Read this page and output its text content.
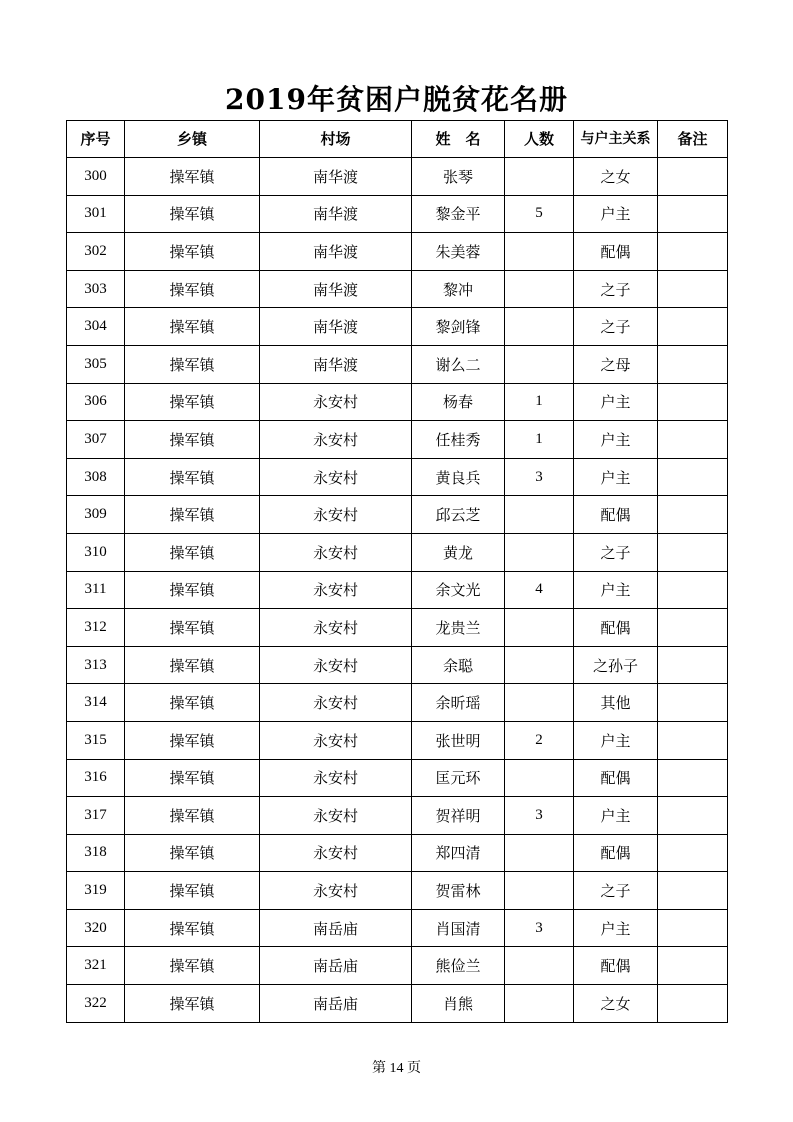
2019年贫困户脱贫花名册
序号	乡镇	村场	姓　名	人数	与户主关系	备注
300	操军镇	南华渡	张琴		之女	
301	操军镇	南华渡	黎金平	5	户主	
302	操军镇	南华渡	朱美蓉		配偶	
303	操军镇	南华渡	黎冲		之子	
304	操军镇	南华渡	黎剑锋		之子	
305	操军镇	南华渡	谢么二		之母	
306	操军镇	永安村	杨春	1	户主	
307	操军镇	永安村	任桂秀	1	户主	
308	操军镇	永安村	黄良兵	3	户主	
309	操军镇	永安村	邱云芝		配偶	
310	操军镇	永安村	黄龙		之子	
311	操军镇	永安村	余文光	4	户主	
312	操军镇	永安村	龙贵兰		配偶	
313	操军镇	永安村	余聪		之孙子	
314	操军镇	永安村	余昕瑶		其他	
315	操军镇	永安村	张世明	2	户主	
316	操军镇	永安村	匡元环		配偶	
317	操军镇	永安村	贺祥明	3	户主	
318	操军镇	永安村	郑四清		配偶	
319	操军镇	永安村	贺雷林		之子	
320	操军镇	南岳庙	肖国清	3	户主	
321	操军镇	南岳庙	熊俭兰		配偶	
322	操军镇	南岳庙	肖熊		之女	
第 14 页
